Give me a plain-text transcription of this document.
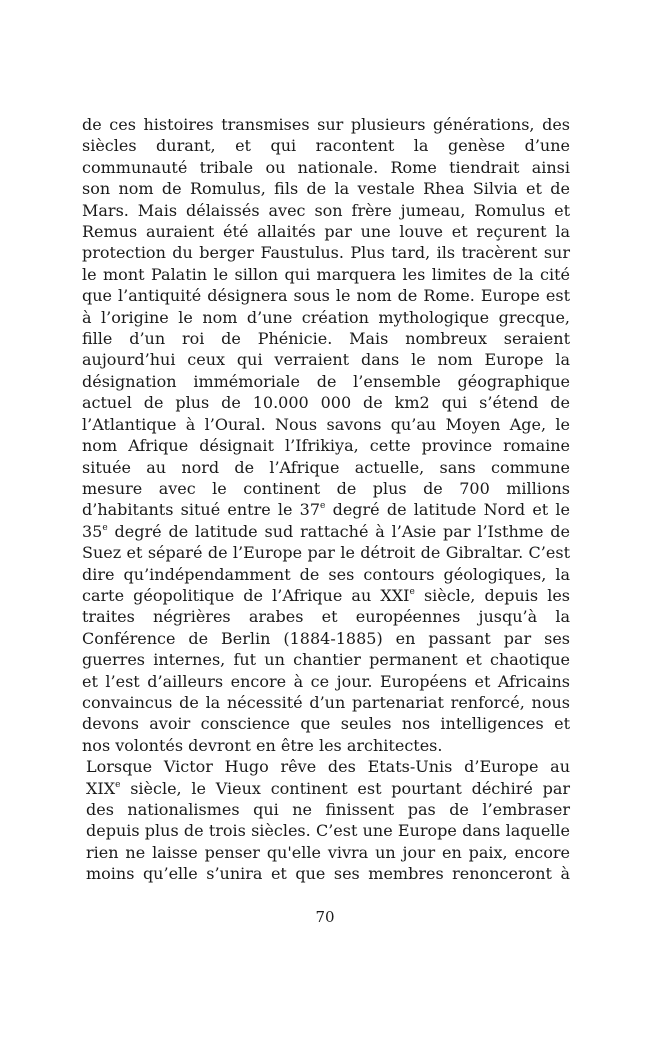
de ces histoires transmises sur plusieurs générations, des
siècles durant, et qui racontent la genèse d’une
communauté tribale ou nationale. Rome tiendrait ainsi
son nom de Romulus, fils de la vestale Rhea Silvia et de
Mars. Mais délaissés avec son frère jumeau, Romulus et
Remus auraient été allaités par une louve et reçurent la
protection du berger Faustulus. Plus tard, ils tracèrent sur
le mont Palatin le sillon qui marquera les limites de la cité
que l’antiquité désignera sous le nom de Rome. Europe est
à l’origine le nom d’une création mythologique grecque,
fille d’un roi de Phénicie. Mais nombreux seraient
aujourd’hui ceux qui verraient dans le nom Europe la
désignation immémoriale de l’ensemble géographique
actuel de plus de 10.000 000 de km2 qui s’étend de
l’Atlantique à l’Oural. Nous savons qu’au Moyen Age, le
nom Afrique désignait l’Ifrikiya, cette province romaine
située au nord de l’Afrique actuelle, sans commune
mesure avec le continent de plus de 700 millions
d’habitants situé entre le 37e degré de latitude Nord et le
35e degré de latitude sud rattaché à l’Asie par l’Isthme de
Suez et séparé de l’Europe par le détroit de Gibraltar. C’est
dire qu’indépendamment de ses contours géologiques, la
carte géopolitique de l’Afrique au XXIe siècle, depuis les
traites négrières arabes et européennes jusqu’à la
Conférence de Berlin (1884-1885) en passant par ses
guerres internes, fut un chantier permanent et chaotique
et l’est d’ailleurs encore à ce jour. Européens et Africains
convaincus de la nécessité d’un partenariat renforcé, nous
devons avoir conscience que seules nos intelligences et
nos volontés devront en être les architectes.

Lorsque Victor Hugo rêve des Etats-Unis d’Europe au
XIXe siècle, le Vieux continent est pourtant déchiré par
des nationalismes qui ne finissent pas de l’embraser
depuis plus de trois siècles. C’est une Europe dans laquelle
rien ne laisse penser qu'elle vivra un jour en paix, encore
moins qu’elle s’unira et que ses membres renonceront à

70
